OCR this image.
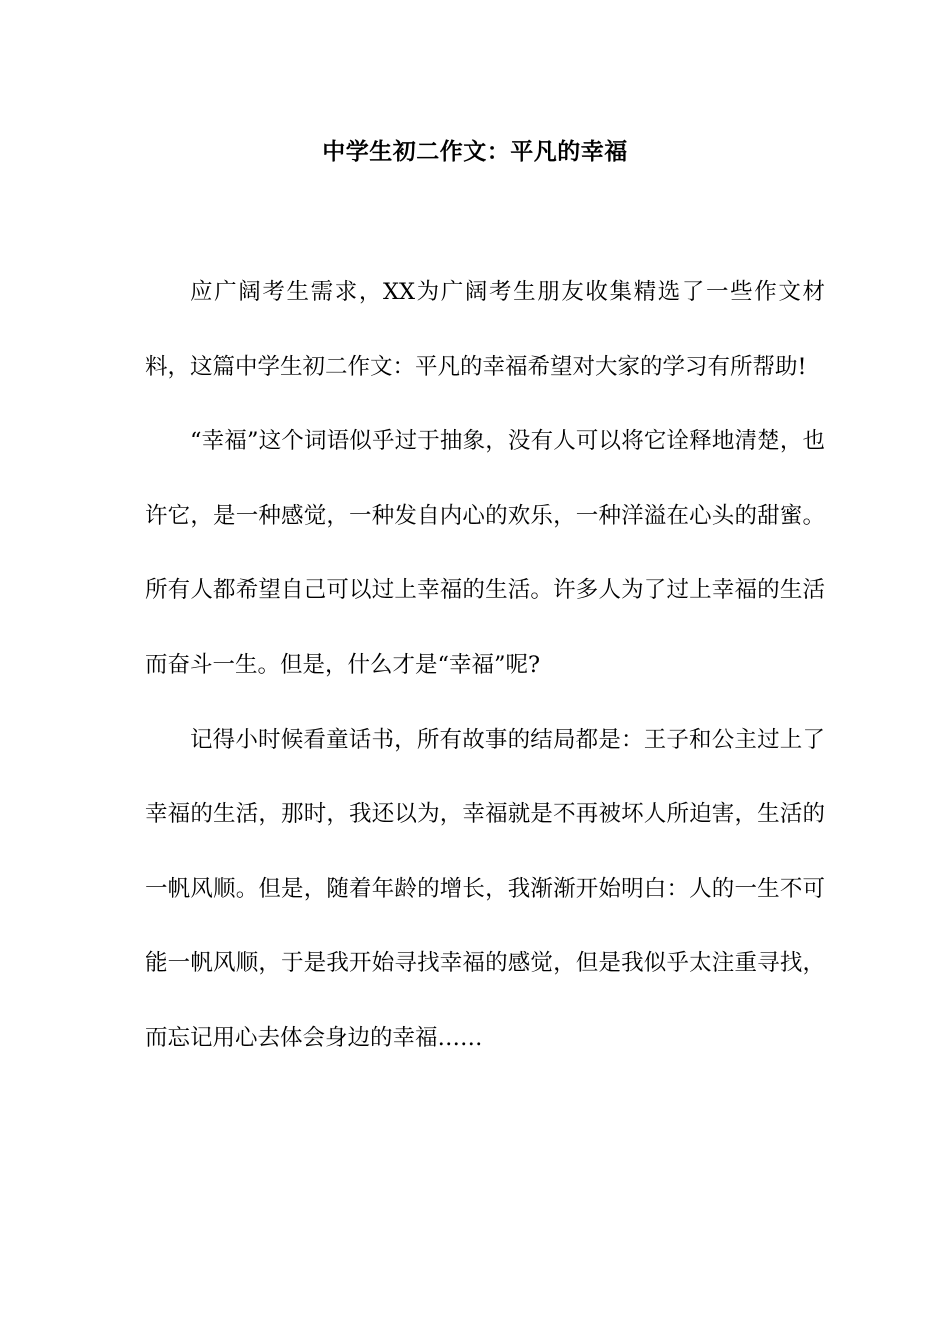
中学生初二作文：平凡的幸福

应广阔考生需求，XX为广阔考生朋友收集精选了一些作文材料，这篇中学生初二作文：平凡的幸福希望对大家的学习有所帮助!

“幸福”这个词语似乎过于抽象，没有人可以将它诠释地清楚，也许它，是一种感觉，一种发自内心的欢乐，一种洋溢在心头的甜蜜。所有人都希望自己可以过上幸福的生活。许多人为了过上幸福的生活而奋斗一生。但是，什么才是“幸福”呢?

记得小时候看童话书，所有故事的结局都是：王子和公主过上了幸福的生活，那时，我还以为，幸福就是不再被坏人所迫害，生活的一帆风顺。但是，随着年龄的增长，我渐渐开始明白：人的一生不可能一帆风顺，于是我开始寻找幸福的感觉，但是我似乎太注重寻找，而忘记用心去体会身边的幸福……
